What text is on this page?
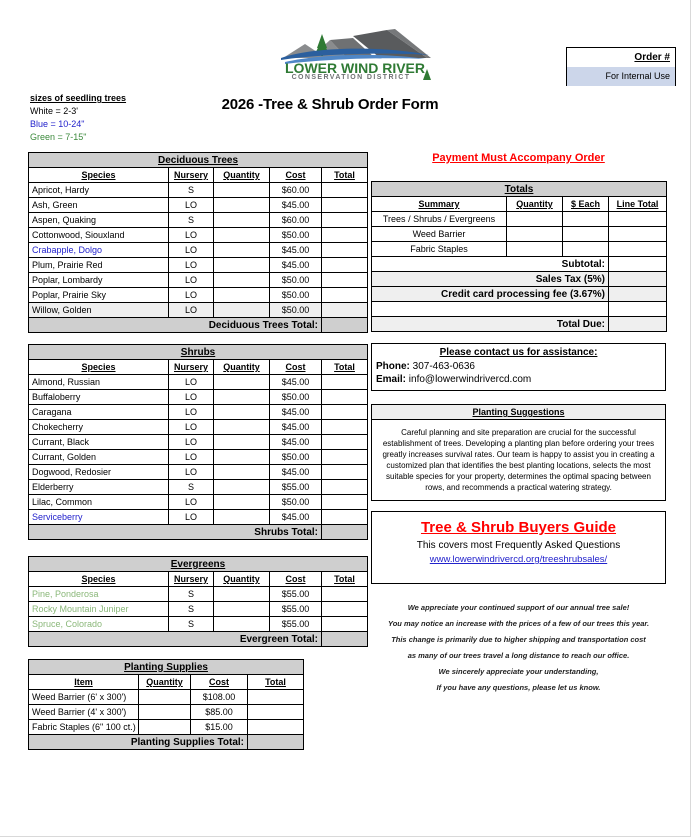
LOWER WIND RIVER
CONSERVATION DISTRICT
2026 -Tree & Shrub Order Form
Order #
For Internal Use
sizes of seedling trees
White = 2-3'
Blue = 10-24"
Green = 7-15"
Deciduous Trees				
Species	Nursery	Quantity	Cost	Total
Apricot, Hardy	S		$60.00	
Ash, Green	LO		$45.00	
Aspen, Quaking	S		$60.00	
Cottonwood, Siouxland	LO		$50.00	
Crabapple, Dolgo	LO		$45.00	
Plum, Prairie Red	LO		$45.00	
Poplar, Lombardy	LO		$50.00	
Poplar, Prairie Sky	LO		$50.00	
Willow, Golden	LO		$50.00	
Deciduous Trees Total:				
Shrubs				
Species	Nursery	Quantity	Cost	Total
Almond, Russian	LO		$45.00	
Buffaloberry	LO		$50.00	
Caragana	LO		$45.00	
Chokecherry	LO		$45.00	
Currant, Black	LO		$45.00	
Currant, Golden	LO		$50.00	
Dogwood, Redosier	LO		$45.00	
Elderberry	S		$55.00	
Lilac, Common	LO		$50.00	
Serviceberry	LO		$45.00	
Shrubs Total:				
Evergreens				
Species	Nursery	Quantity	Cost	Total
Pine, Ponderosa	S		$55.00	
Rocky Mountain Juniper	S		$55.00	
Spruce, Colorado	S		$55.00	
Evergreen Total:				
Planting Supplies			
Item	Quantity	Cost	Total
Weed Barrier (6' x 300')		$108.00	
Weed Barrier (4' x 300')		$85.00	
Fabric Staples (6" 100 ct.)		$15.00	
Planting Supplies Total:			
Payment Must Accompany Order
Totals			
Summary	Quantity	$ Each	Line Total
Trees / Shrubs / Evergreens			
Weed Barrier			
Fabric Staples			
Subtotal:			
Sales Tax (5%)			
Credit card processing fee (3.67%)			

Total Due:			
Please contact us for assistance:
Phone: 307-463-0636
Email: info@lowerwindrivercd.com
Planting Suggestions
Careful planning and site preparation are crucial for the successful establishment of trees. Developing a planting plan before ordering your trees greatly increases survival rates. Our team is happy to assist you in creating a customized plan that identifies the best planting locations, selects the most suitable species for your property, determines the optimal spacing between rows, and recommends a practical watering strategy.
Tree & Shrub Buyers Guide
This covers most Frequently Asked Questions
www.lowerwindrivercd.org/treeshrubsales/
We appreciate your continued support of our annual tree sale!
You may notice an increase with the prices of a few of our trees this year.
This change is primarily due to higher shipping and transportation cost
as many of our trees travel a long distance to reach our office.
We sincerely appreciate your understanding,
If you have any questions, please let us know.
